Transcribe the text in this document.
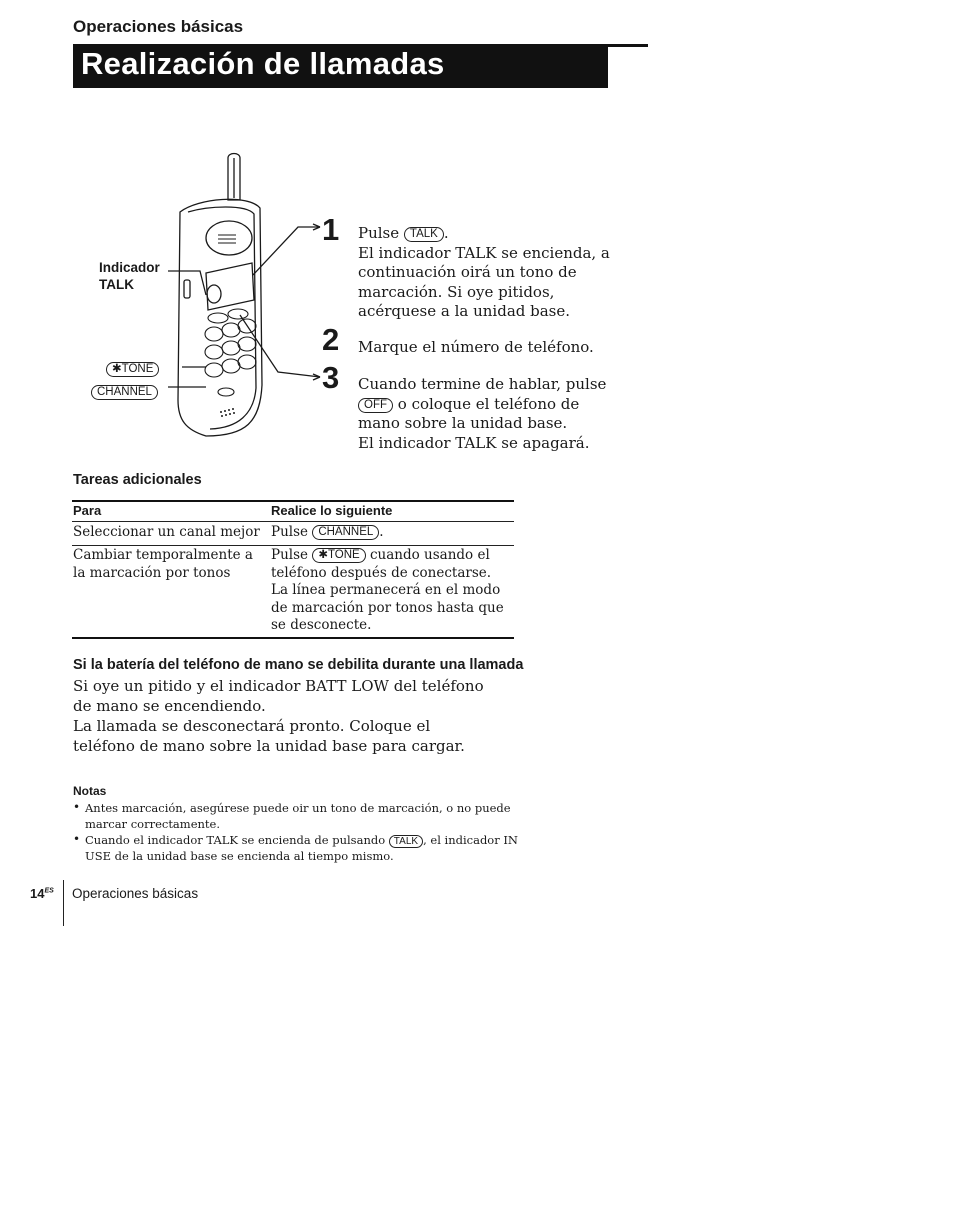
Operaciones básicas
Realización de llamadas
Indicador
TALK
✱TONE
CHANNEL
1 Pulse TALK .
El indicador TALK se encienda, a continuación oirá un tono de marcación. Si oye pitidos, acérquese a la unidad base.
2 Marque el número de teléfono.
3 Cuando termine de hablar, pulse
OFF o coloque el teléfono de mano sobre la unidad base.
El indicador TALK se apagará.
Tareas adicionales
Para	Realice lo siguiente
Seleccionar un canal mejor Pulse CHANNEL .
Cambiar temporalmente a la marcación por tonos
Pulse ✱TONE cuando usando el teléfono después de conectarse.
La línea permanecerá en el modo de marcación por tonos hasta que se desconecte.
Si la batería del teléfono de mano se debilita durante una llamada
Si oye un pitido y el indicador BATT LOW del teléfono de mano se encendiendo.
La llamada se desconectará pronto. Coloque el teléfono de mano sobre la unidad base para cargar.
Notas
• Antes marcación, asegúrese puede oir un tono de marcación, o no puede marcar correctamente.
• Cuando el indicador TALK se encienda de pulsando TALK , el indicador IN USE de la unidad base se encienda al tiempo mismo.
$14^{ES}$ Operaciones básicas
